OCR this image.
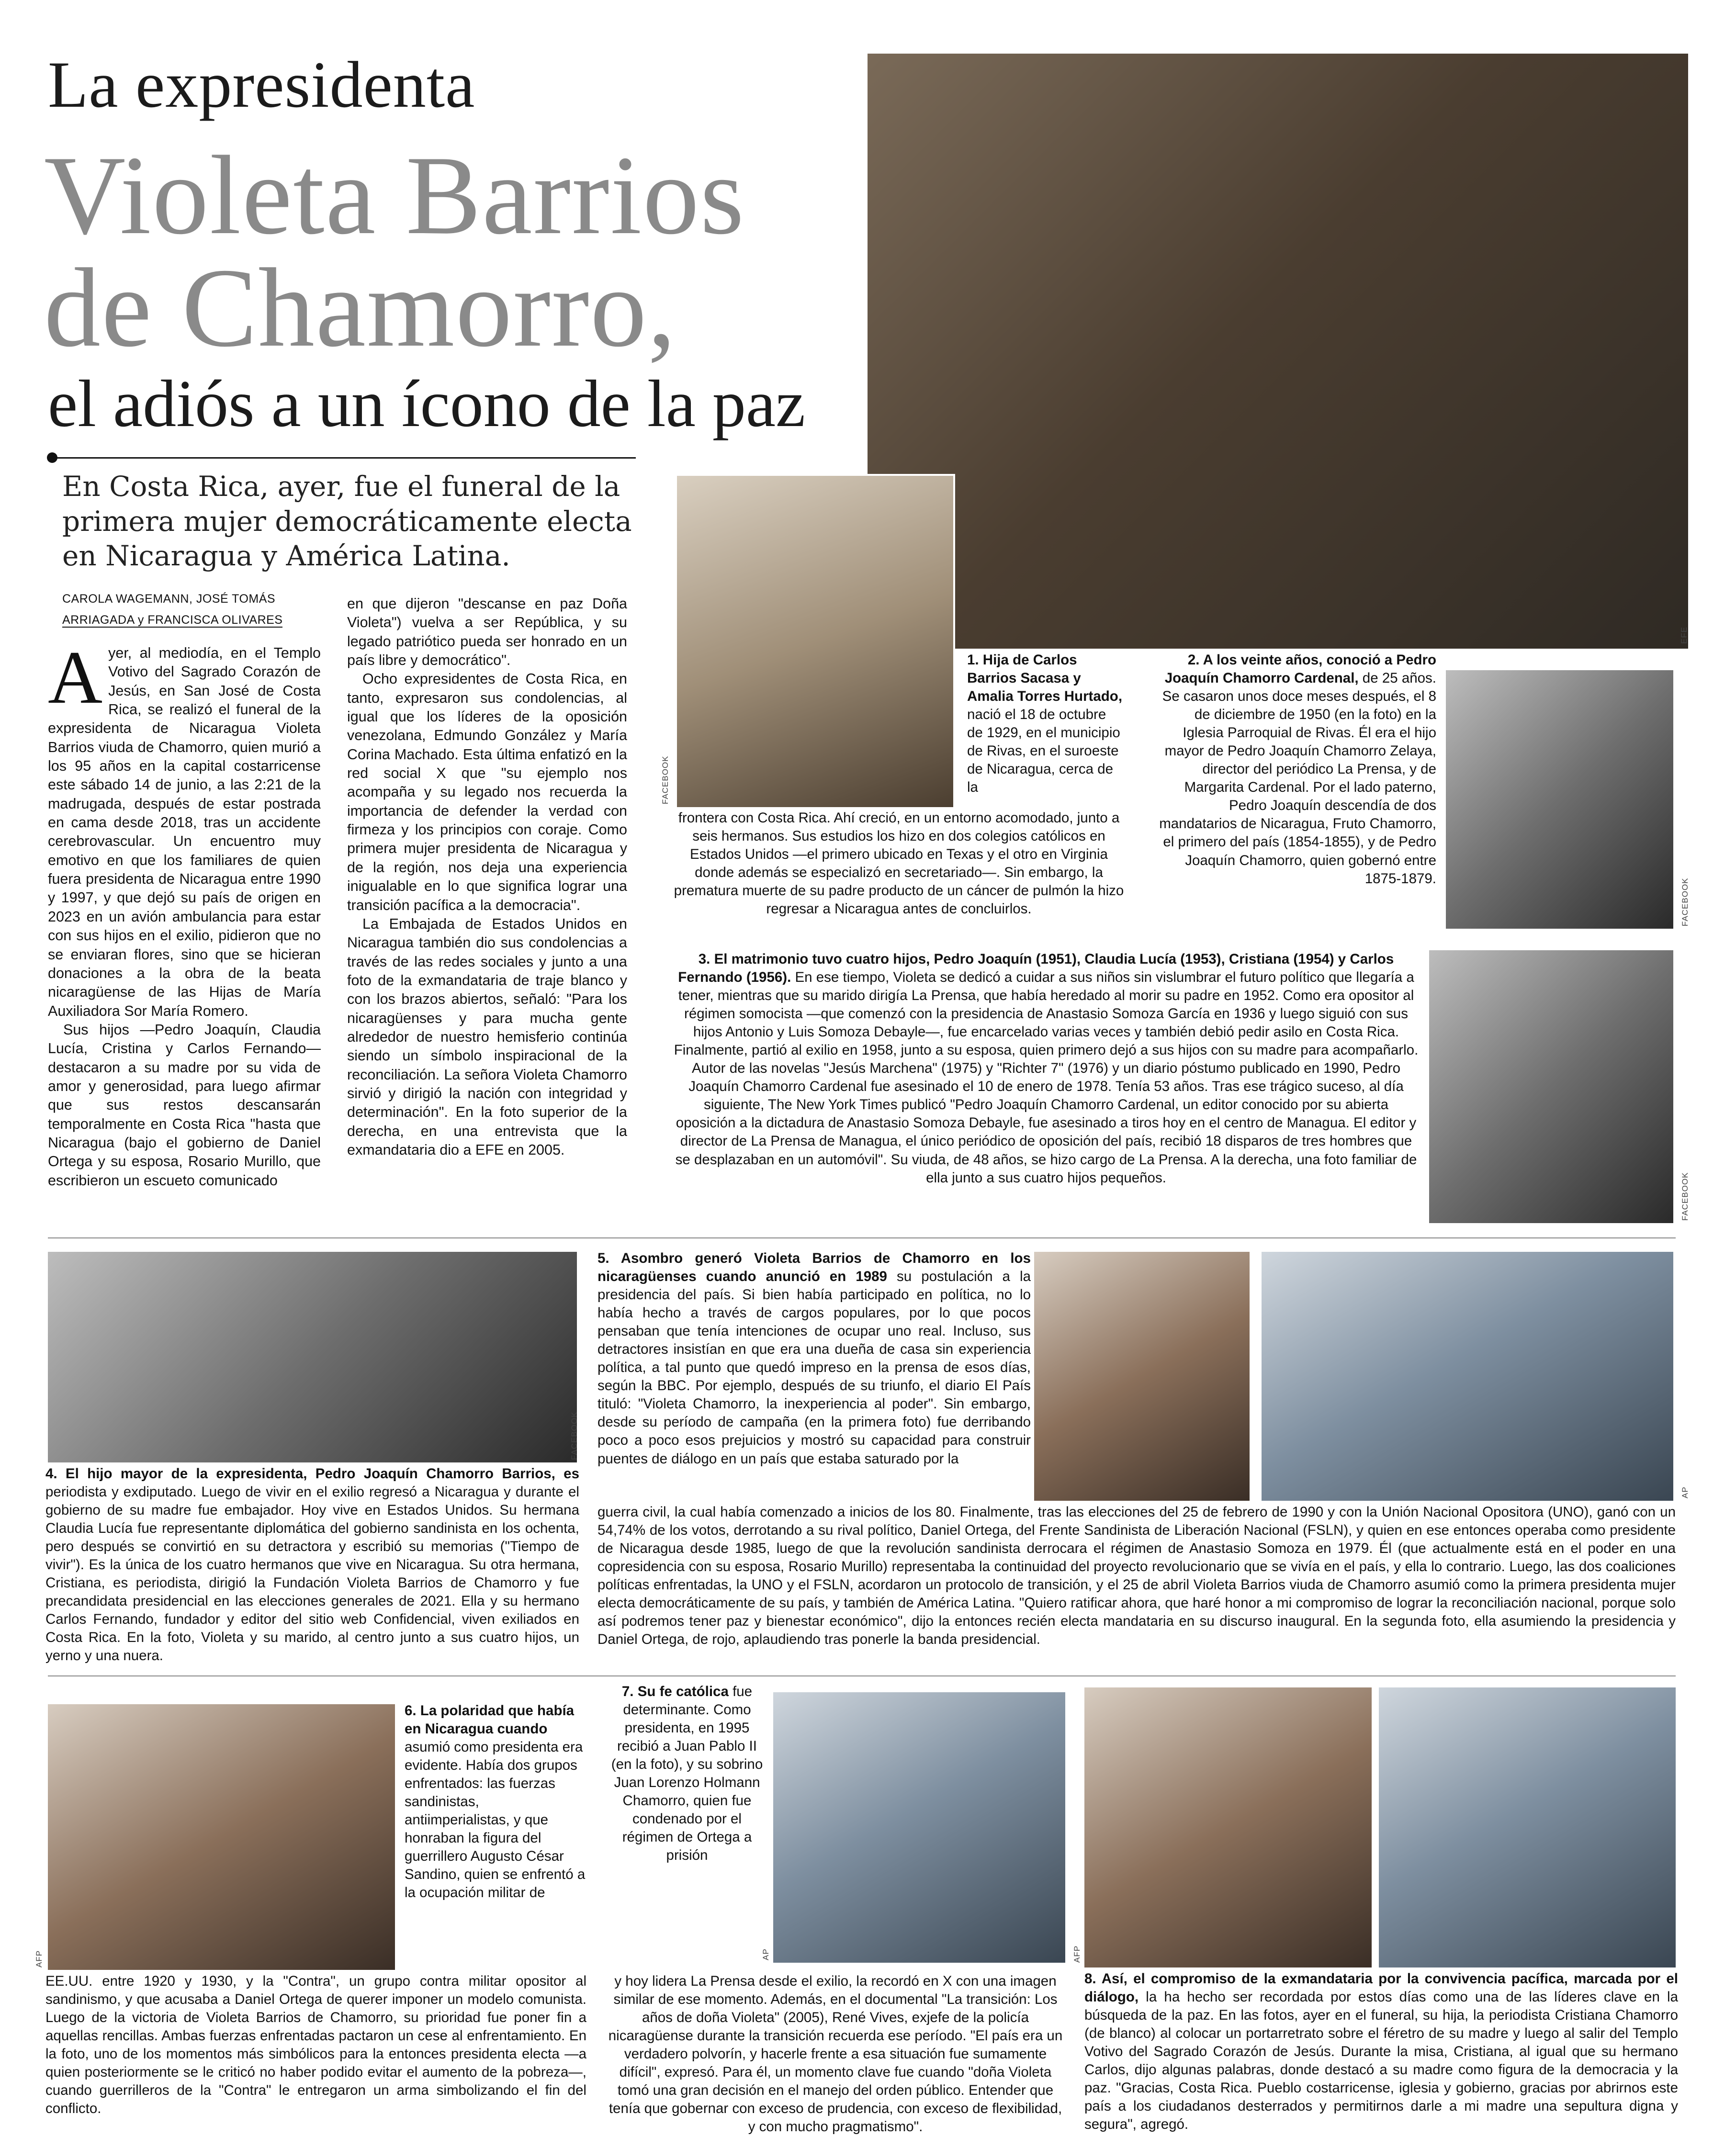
La expresidenta
Violeta Barrios
de Chamorro,
el adiós a un ícono de la paz
En Costa Rica, ayer, fue el funeral de la primera mujer democráticamente electa en Nicaragua y América Latina.
CAROLA WAGEMANN, JOSÉ TOMÁS
ARRIAGADA y FRANCISCA OLIVARES

Ayer, al mediodía, en el Templo Votivo del Sagrado Corazón de Jesús, en San José de Costa Rica, se realizó el funeral de la expresidenta de Nicaragua Violeta Barrios viuda de Chamorro, quien murió a los 95 años en la capital costarricense este sábado 14 de junio, a las 2:21 de la madrugada, después de estar postrada en cama desde 2018, tras un accidente cerebrovascular. Un encuentro muy emotivo en que los familiares de quien fuera presidenta de Nicaragua entre 1990 y 1997, y que dejó su país de origen en 2023 en un avión ambulancia para estar con sus hijos en el exilio, pidieron que no se enviaran flores, sino que se hicieran donaciones a la obra de la beata nicaragüense de las Hijas de María Auxiliadora Sor María Romero.

Sus hijos —Pedro Joaquín, Claudia Lucía, Cristina y Carlos Fernando— destacaron a su madre por su vida de amor y generosidad, para luego afirmar que sus restos descansarán temporalmente en Costa Rica "hasta que Nicaragua (bajo el gobierno de Daniel Ortega y su esposa, Rosario Murillo, que escribieron un escueto comunicado

en que dijeron "descanse en paz Doña Violeta") vuelva a ser República, y su legado patriótico pueda ser honrado en un país libre y democrático".

Ocho expresidentes de Costa Rica, en tanto, expresaron sus condolencias, al igual que los líderes de la oposición venezolana, Edmundo González y María Corina Machado. Esta última enfatizó en la red social X que "su ejemplo nos acompaña y su legado nos recuerda la importancia de defender la verdad con firmeza y los principios con coraje. Como primera mujer presidenta de Nicaragua y de la región, nos deja una experiencia inigualable en lo que significa lograr una transición pacífica a la democracia".

La Embajada de Estados Unidos en Nicaragua también dio sus condolencias a través de las redes sociales y junto a una foto de la exmandataria de traje blanco y con los brazos abiertos, señaló: "Para los nicaragüenses y para mucha gente alrededor de nuestro hemisferio continúa siendo un símbolo inspiracional de la reconciliación. La señora Violeta Chamorro sirvió y dirigió la nación con integridad y determinación". En la foto superior de la derecha, en una entrevista que la exmandataria dio a EFE en 2005.

EFE
FACEBOOK
1. Hija de Carlos Barrios Sacasa y Amalia Torres Hurtado, nació el 18 de octubre de 1929, en el municipio de Rivas, en el suroeste de Nicaragua, cerca de la
frontera con Costa Rica. Ahí creció, en un entorno acomodado, junto a seis hermanos. Sus estudios los hizo en dos colegios católicos en Estados Unidos —el primero ubicado en Texas y el otro en Virginia donde además se especializó en secretariado—. Sin embargo, la prematura muerte de su padre producto de un cáncer de pulmón la hizo regresar a Nicaragua antes de concluirlos.
2. A los veinte años, conoció a Pedro Joaquín Chamorro Cardenal, de 25 años. Se casaron unos doce meses después, el 8 de diciembre de 1950 (en la foto) en la Iglesia Parroquial de Rivas. Él era el hijo mayor de Pedro Joaquín Chamorro Zelaya, director del periódico La Prensa, y de Margarita Cardenal. Por el lado paterno, Pedro Joaquín descendía de dos mandatarios de Nicaragua, Fruto Chamorro, el primero del país (1854-1855), y de Pedro Joaquín Chamorro, quien gobernó entre 1875-1879.	FACEBOOK
3. El matrimonio tuvo cuatro hijos, Pedro Joaquín (1951), Claudia Lucía (1953), Cristiana (1954) y Carlos Fernando (1956). En ese tiempo, Violeta se dedicó a cuidar a sus niños sin vislumbrar el futuro político que llegaría a tener, mientras que su marido dirigía La Prensa, que había heredado al morir su padre en 1952. Como era opositor al régimen somocista —que comenzó con la presidencia de Anastasio Somoza García en 1936 y luego siguió con sus hijos Antonio y Luis Somoza Debayle—, fue encarcelado varias veces y también debió pedir asilo en Costa Rica. Finalmente, partió al exilio en 1958, junto a su esposa, quien primero dejó a sus hijos con su madre para acompañarlo. Autor de las novelas "Jesús Marchena" (1975) y "Richter 7" (1976) y un diario póstumo publicado en 1990, Pedro Joaquín Chamorro Cardenal fue asesinado el 10 de enero de 1978. Tenía 53 años. Tras ese trágico suceso, al día siguiente, The New York Times publicó "Pedro Joaquín Chamorro Cardenal, un editor conocido por su abierta oposición a la dictadura de Anastasio Somoza Debayle, fue asesinado a tiros hoy en el centro de Managua. El editor y director de La Prensa de Managua, el único periódico de oposición del país, recibió 18 disparos de tres hombres que se desplazaban en un automóvil". Su viuda, de 48 años, se hizo cargo de La Prensa. A la derecha, una foto familiar de ella junto a sus cuatro hijos pequeños.	FACEBOOK
FACEBOOK
4. El hijo mayor de la expresidenta, Pedro Joaquín Chamorro Barrios, es periodista y exdiputado. Luego de vivir en el exilio regresó a Nicaragua y durante el gobierno de su madre fue embajador. Hoy vive en Estados Unidos. Su hermana Claudia Lucía fue representante diplomática del gobierno sandinista en los ochenta, pero después se convirtió en su detractora y escribió su memorias ("Tiempo de vivir"). Es la única de los cuatro hermanos que vive en Nicaragua. Su otra hermana, Cristiana, es periodista, dirigió la Fundación Violeta Barrios de Chamorro y fue precandidata presidencial en las elecciones generales de 2021. Ella y su hermano Carlos Fernando, fundador y editor del sitio web Confidencial, viven exiliados en Costa Rica. En la foto, Violeta y su marido, al centro junto a sus cuatro hijos, un yerno y una nuera.
5. Asombro generó Violeta Barrios de Chamorro en los nicaragüenses cuando anunció en 1989 su postulación a la presidencia del país. Si bien había participado en política, no lo había hecho a través de cargos populares, por lo que pocos pensaban que tenía intenciones de ocupar uno real. Incluso, sus detractores insistían en que era una dueña de casa sin experiencia política, a tal punto que quedó impreso en la prensa de esos días, según la BBC. Por ejemplo, después de su triunfo, el diario El País tituló: "Violeta Chamorro, la inexperiencia al poder". Sin embargo, desde su período de campaña (en la primera foto) fue derribando poco a poco esos prejuicios y mostró su capacidad para construir puentes de diálogo en un país que estaba saturado por la
AP
guerra civil, la cual había comenzado a inicios de los 80. Finalmente, tras las elecciones del 25 de febrero de 1990 y con la Unión Nacional Opositora (UNO), ganó con un 54,74% de los votos, derrotando a su rival político, Daniel Ortega, del Frente Sandinista de Liberación Nacional (FSLN), y quien en ese entonces operaba como presidente de Nicaragua desde 1985, luego de que la revolución sandinista derrocara el régimen de Anastasio Somoza en 1979. Él (que actualmente está en el poder en una copresidencia con su esposa, Rosario Murillo) representaba la continuidad del proyecto revolucionario que se vivía en el país, y ella lo contrario. Luego, las dos coaliciones políticas enfrentadas, la UNO y el FSLN, acordaron un protocolo de transición, y el 25 de abril Violeta Barrios viuda de Chamorro asumió como la primera presidenta mujer electa democráticamente de su país, y también de América Latina. "Quiero ratificar ahora, que haré honor a mi compromiso de lograr la reconciliación nacional, porque solo así podremos tener paz y bienestar económico", dijo la entonces recién electa mandataria en su discurso inaugural. En la segunda foto, ella asumiendo la presidencia y Daniel Ortega, de rojo, aplaudiendo tras ponerle la banda presidencial.
AFP
6. La polaridad que había en Nicaragua cuando asumió como presidenta era evidente. Había dos grupos enfrentados: las fuerzas sandinistas, antiimperialistas, y que honraban la figura del guerrillero Augusto César Sandino, quien se enfrentó a la ocupación militar de
EE.UU. entre 1920 y 1930, y la "Contra", un grupo contra militar opositor al sandinismo, y que acusaba a Daniel Ortega de querer imponer un modelo comunista. Luego de la victoria de Violeta Barrios de Chamorro, su prioridad fue poner fin a aquellas rencillas. Ambas fuerzas enfrentadas pactaron un cese al enfrentamiento. En la foto, uno de los momentos más simbólicos para la entonces presidenta electa —a quien posteriormente se le criticó no haber podido evitar el aumento de la pobreza—, cuando guerrilleros de la "Contra" le entregaron un arma simbolizando el fin del conflicto.
7. Su fe católica fue determinante. Como presidenta, en 1995 recibió a Juan Pablo II (en la foto), y su sobrino Juan Lorenzo Holmann Chamorro, quien fue condenado por el régimen de Ortega a prisión
AP
y hoy lidera La Prensa desde el exilio, la recordó en X con una imagen similar de ese momento. Además, en el documental "La transición: Los años de doña Violeta" (2005), René Vives, exjefe de la policía nicaragüense durante la transición recuerda ese período. "El país era un verdadero polvorín, y hacerle frente a esa situación fue sumamente difícil", expresó. Para él, un momento clave fue cuando "doña Violeta tomó una gran decisión en el manejo del orden público. Entender que tenía que gobernar con exceso de prudencia, con exceso de flexibilidad, y con mucho pragmatismo".
AFP
8. Así, el compromiso de la exmandataria por la convivencia pacífica, marcada por el diálogo, la ha hecho ser recordada por estos días como una de las líderes clave en la búsqueda de la paz. En las fotos, ayer en el funeral, su hija, la periodista Cristiana Chamorro (de blanco) al colocar un portarretrato sobre el féretro de su madre y luego al salir del Templo Votivo del Sagrado Corazón de Jesús. Durante la misa, Cristiana, al igual que su hermano Carlos, dijo algunas palabras, donde destacó a su madre como figura de la democracia y la paz. "Gracias, Costa Rica. Pueblo costarricense, iglesia y gobierno, gracias por abrirnos este país a los ciudadanos desterrados y permitirnos darle a mi madre una sepultura digna y segura", agregó.
